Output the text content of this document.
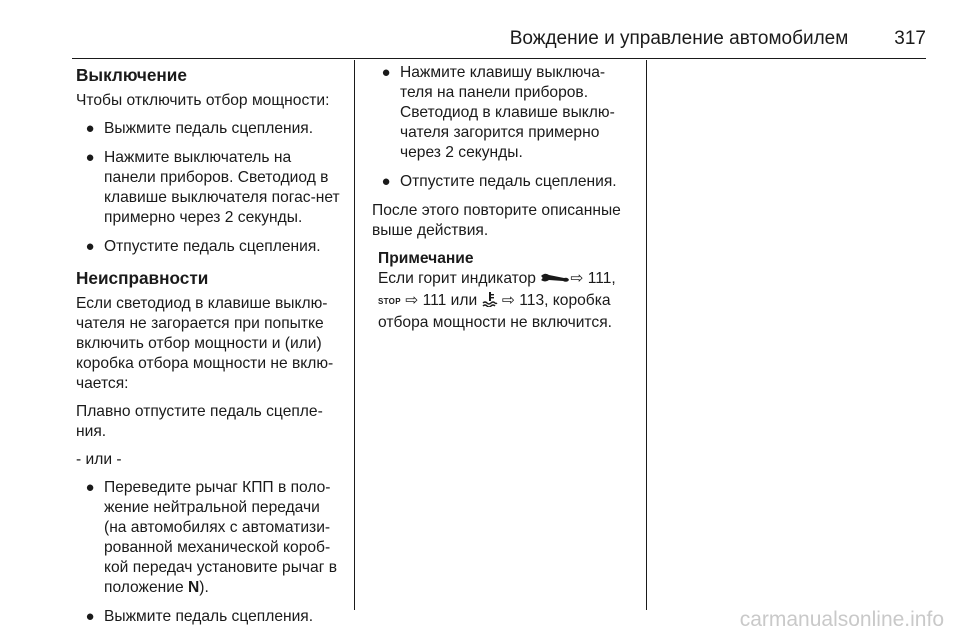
Вождение и управление автомобилем 317
Выключение

Чтобы отключить отбор мощности:

● Выжмите педаль сцепления.
● Нажмите выключатель на панели приборов. Светодиод в клавише выключателя погас-нет примерно через 2 секунды.
● Отпустите педаль сцепления.
Неисправности

Если светодиод в клавише выклю-чателя не загорается при попытке включить отбор мощности и (или) коробка отбора мощности не вклю-чается:

Плавно отпустите педаль сцепле-ния.

- или -

● Переведите рычаг КПП в поло-жение нейтральной передачи (на автомобилях с автоматизи-рованной механической короб-кой передач установите рычаг в положение N).
● Выжмите педаль сцепления.
● Нажмите клавишу выключа-теля на панели приборов. Светодиод в клавише выклю-чателя загорится примерно через 2 секунды.
● Отпустите педаль сцепления.

После этого повторите описанные выше действия.

Примечание
Если горит индикатор ⇨ 111,
STOP ⇨ 111 или  ⇨ 113, коробка
отбора мощности не включится.
carmanualsonline.info
